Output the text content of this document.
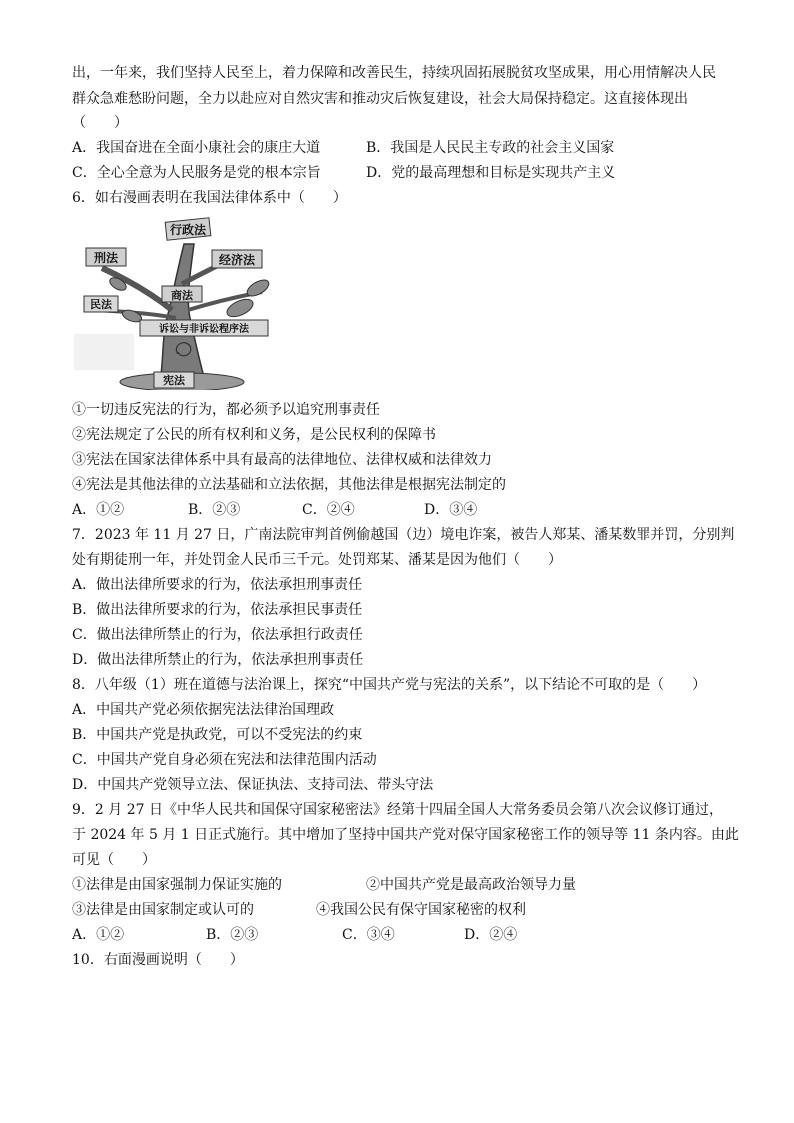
出，一年来，我们坚持人民至上，着力保障和改善民生，持续巩固拓展脱贫攻坚成果，用心用情解决人民
群众急难愁盼问题，全力以赴应对自然灾害和推动灾后恢复建设，社会大局保持稳定。这直接体现出
（　　）
A．我国奋进在全面小康社会的康庄大道	B．我国是人民民主专政的社会主义国家
C．全心全意为人民服务是党的根本宗旨	D．党的最高理想和目标是实现共产主义
6．如右漫画表明在我国法律体系中（　　）
行政法
刑法	经济法
商法
民法
诉讼与非诉讼程序法
宪法
①一切违反宪法的行为，都必须予以追究刑事责任
②宪法规定了公民的所有权利和义务，是公民权利的保障书
③宪法在国家法律体系中具有最高的法律地位、法律权威和法律效力
④宪法是其他法律的立法基础和立法依据，其他法律是根据宪法制定的
A．①②	B．②③	C．②④	D．③④
7．2023 年 11 月 27 日，广南法院审判首例偷越国（边）境电诈案，被告人郑某、潘某数罪并罚，分别判
处有期徒刑一年，并处罚金人民币三千元。处罚郑某、潘某是因为他们（　　）
A．做出法律所要求的行为，依法承担刑事责任
B．做出法律所要求的行为，依法承担民事责任
C．做出法律所禁止的行为，依法承担行政责任
D．做出法律所禁止的行为，依法承担刑事责任
8．八年级（1）班在道德与法治课上，探究“中国共产党与宪法的关系”，以下结论不可取的是（　　）
A．中国共产党必须依据宪法法律治国理政
B．中国共产党是执政党，可以不受宪法的约束
C．中国共产党自身必须在宪法和法律范围内活动
D．中国共产党领导立法、保证执法、支持司法、带头守法
9．2 月 27 日《中华人民共和国保守国家秘密法》经第十四届全国人大常务委员会第八次会议修订通过，
于 2024 年 5 月 1 日正式施行。其中增加了坚持中国共产党对保守国家秘密工作的领导等 11 条内容。由此
可见（　　）
①法律是由国家强制力保证实施的	②中国共产党是最高政治领导力量
③法律是由国家制定或认可的	④我国公民有保守国家秘密的权利
A．①②	B．②③	C．③④	D．②④
10．右面漫画说明（　　）
